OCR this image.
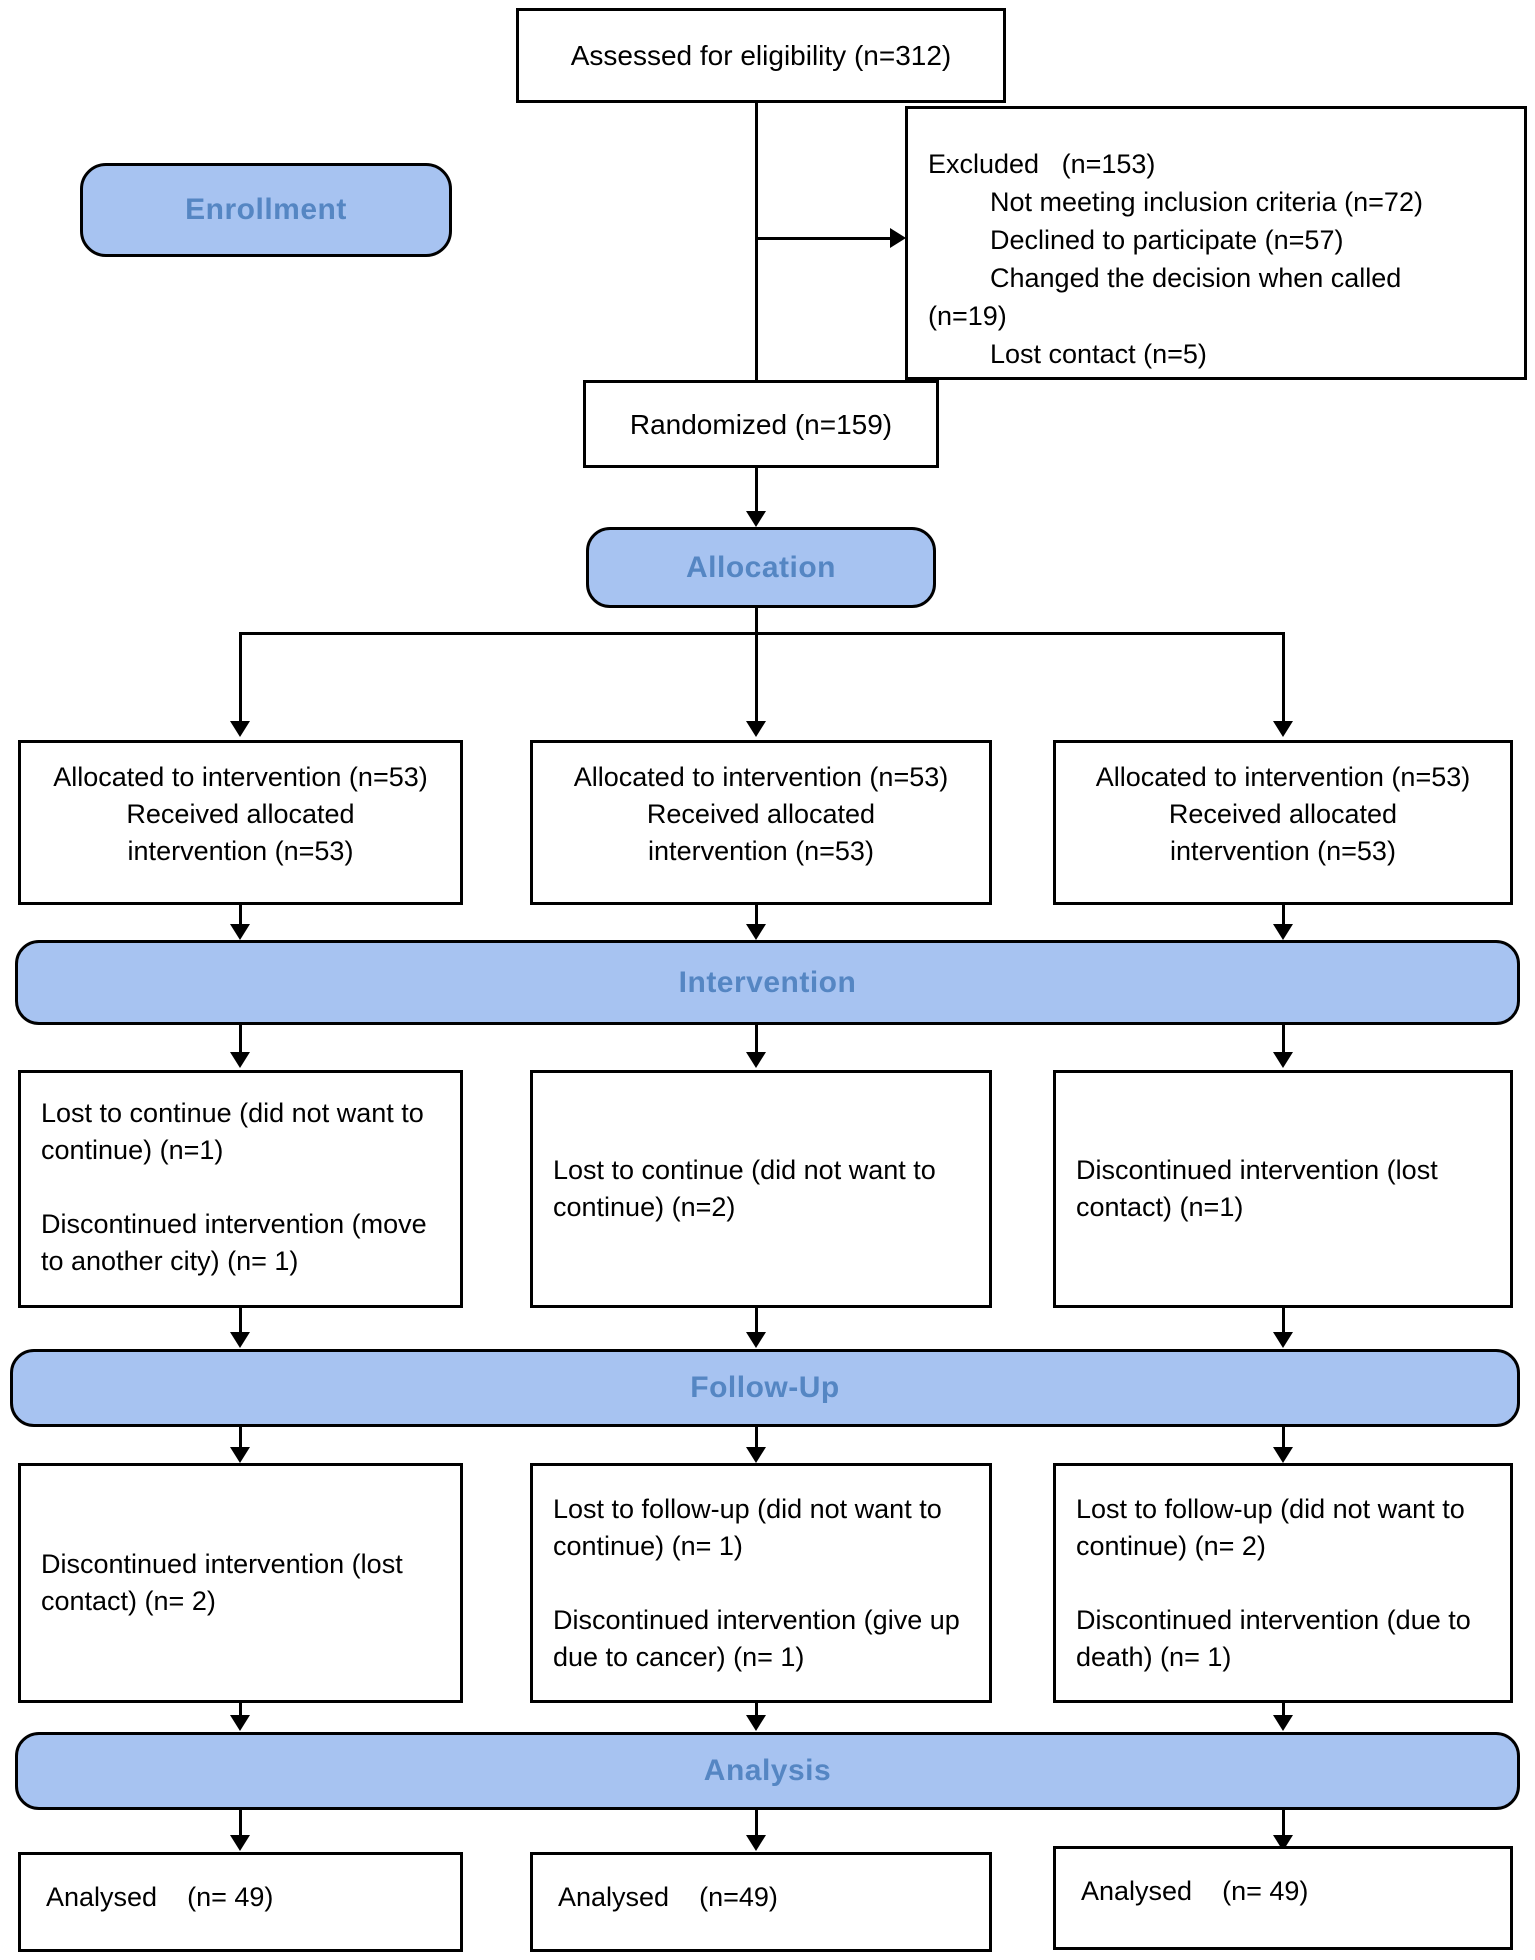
Assessed for eligibility (n=312)
Enrollment
Excluded   (n=153)
Not meeting inclusion criteria (n=72)
Declined to participate (n=57)
Changed the decision when called
(n=19)
Lost contact (n=5)
Randomized (n=159)
Allocation
Allocated to intervention (n=53)
Received allocated
intervention (n=53)
Allocated to intervention (n=53)
Received allocated
intervention (n=53)
Allocated to intervention (n=53)
Received allocated
intervention (n=53)
Intervention

Lost to continue (did not want to continue) (n=1)

Discontinued intervention (move to another city) (n= 1)

Lost to continue (did not want to continue) (n=2)

Discontinued intervention (lost contact) (n=1)

Follow-Up

Discontinued intervention (lost contact) (n= 2)

Lost to follow-up (did not want to continue) (n= 1)

Discontinued intervention (give up due to cancer) (n= 1)

Lost to follow-up (did not want to continue) (n= 2)

Discontinued intervention (due to death) (n= 1)

Analysis
Analysed    (n= 49)	Analysed    (n=49)	Analysed    (n= 49)
